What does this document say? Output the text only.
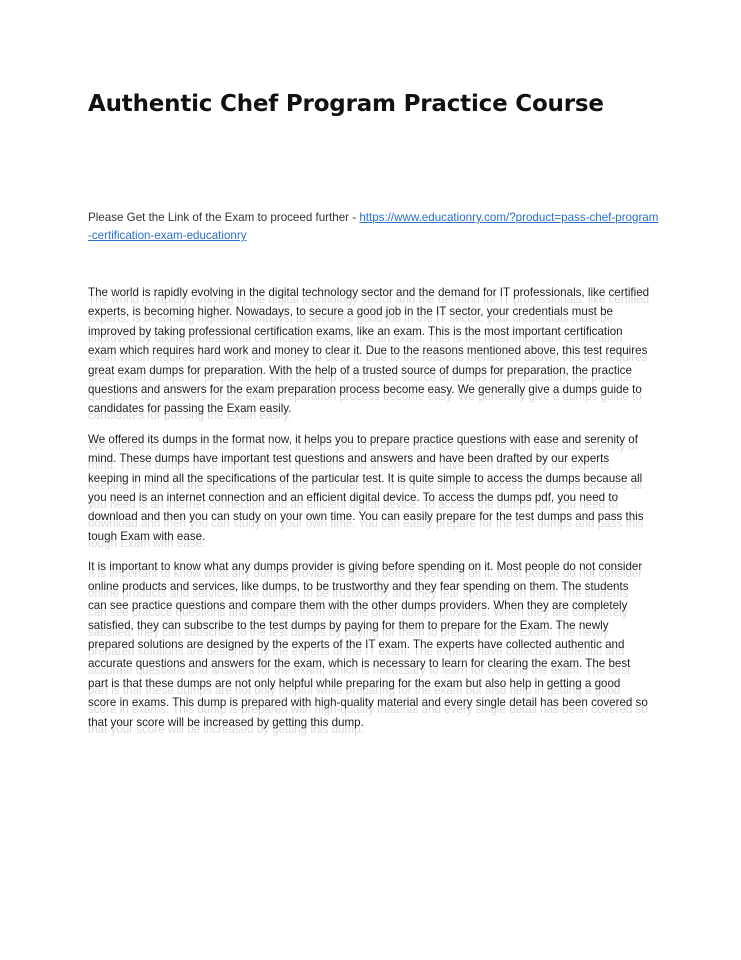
Authentic Chef Program Practice Course

Please Get the Link of the Exam to proceed further - https://www.educationry.com/?product=pass-chef-program-certification-exam-educationry

The world is rapidly evolving in the digital technology sector and the demand for IT professionals, like certified experts, is becoming higher. Nowadays, to secure a good job in the IT sector, your credentials must be improved by taking professional certification exams, like an exam. This is the most important certification exam which requires hard work and money to clear it. Due to the reasons mentioned above, this test requires great exam dumps for preparation. With the help of a trusted source of dumps for preparation, the practice questions and answers for the exam preparation process become easy. We generally give a dumps guide to candidates for passing the Exam easily.

We offered its dumps in the format now, it helps you to prepare practice questions with ease and serenity of mind. These dumps have important test questions and answers and have been drafted by our experts keeping in mind all the specifications of the particular test. It is quite simple to access the dumps because all you need is an internet connection and an efficient digital device. To access the dumps pdf, you need to download and then you can study on your own time. You can easily prepare for the test dumps and pass this tough Exam with ease.

It is important to know what any dumps provider is giving before spending on it. Most people do not consider online products and services, like dumps, to be trustworthy and they fear spending on them. The students can see practice questions and compare them with the other dumps providers. When they are completely satisfied, they can subscribe to the test dumps by paying for them to prepare for the Exam. The newly prepared solutions are designed by the experts of the IT exam. The experts have collected authentic and accurate questions and answers for the exam, which is necessary to learn for clearing the exam. The best part is that these dumps are not only helpful while preparing for the exam but also help in getting a good score in exams. This dump is prepared with high-quality material and every single detail has been covered so that your score will be increased by getting this dump.
